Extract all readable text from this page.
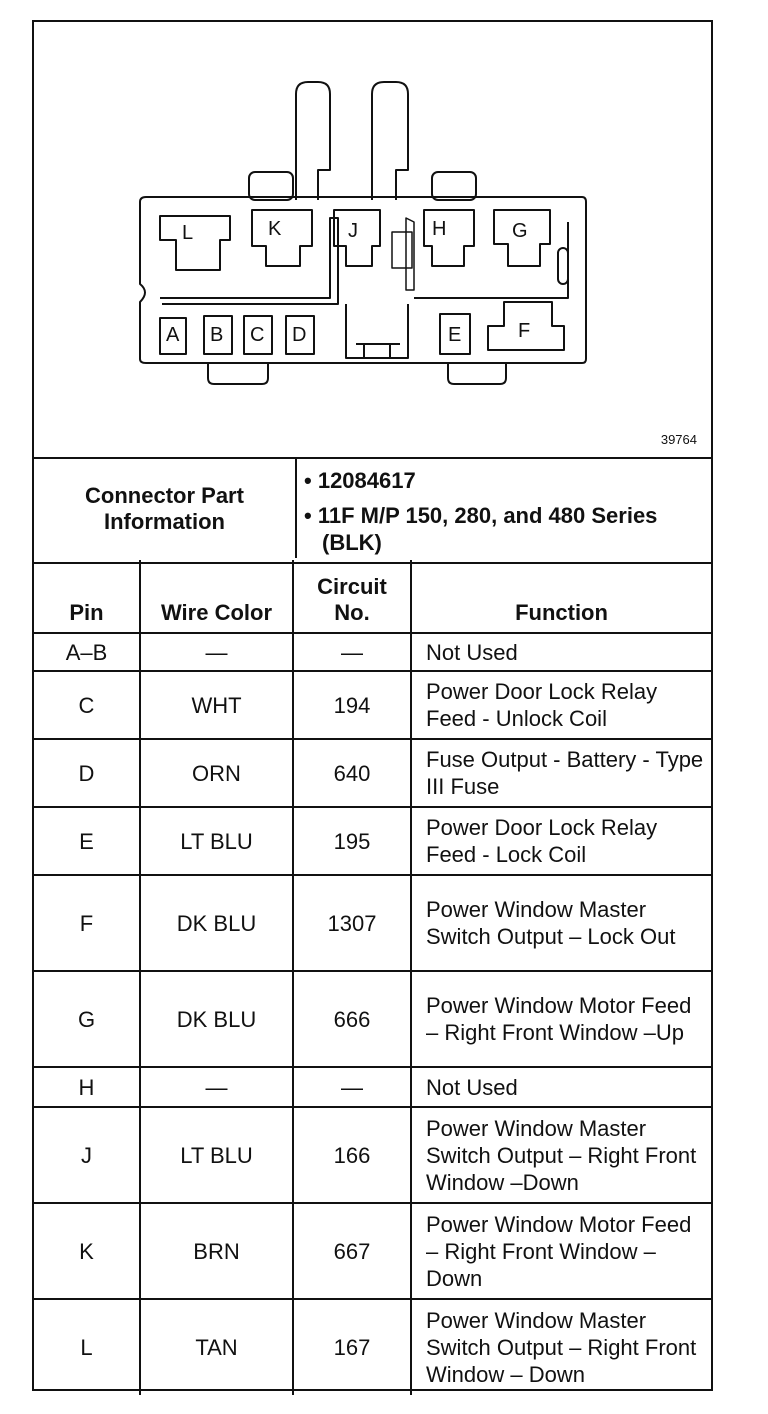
L	K	J	H	G
A B C D	E	F
39764
Connector Part Information
• 12084617
• 11F M/P 150, 280, and 480 Series (BLK)
Pin	Wire Color	Circuit No.	Function
A–B	—	—	Not Used
C	WHT	194	Power Door Lock Relay Feed - Unlock Coil
D	ORN	640	Fuse Output - Battery - Type III Fuse
E	LT BLU	195	Power Door Lock Relay Feed - Lock Coil
F	DK BLU	1307	Power Window Master Switch Output – Lock Out
G	DK BLU	666	Power Window Motor Feed – Right Front Window –Up
H	—	—	Not Used
J	LT BLU	166	Power Window Master Switch Output – Right Front Window –Down
K	BRN	667	Power Window Motor Feed – Right Front Window – Down
L	TAN	167	Power Window Master Switch Output – Right Front Window – Down
